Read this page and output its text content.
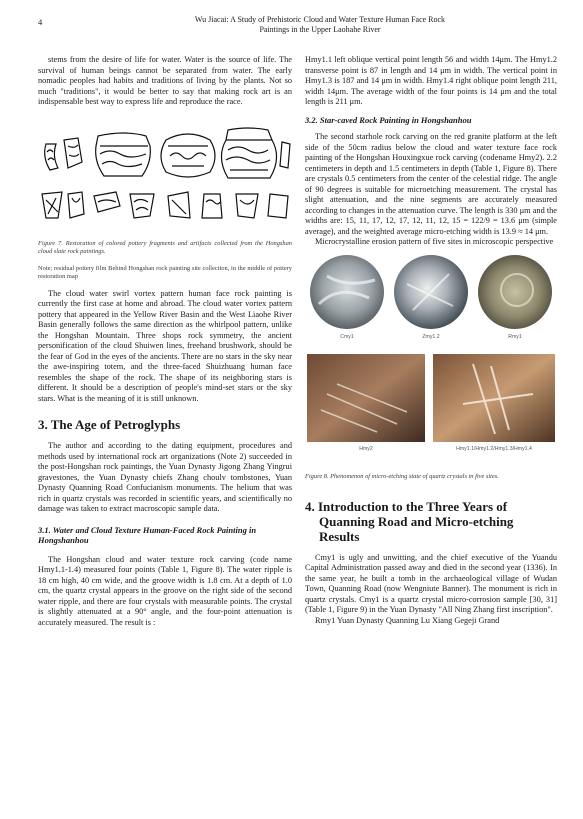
4	Wu Jiacai: A Study of Prehistoric Cloud and Water Texture Human Face Rock
Paintings in the Upper Laohahe River

stems from the desire of life for water. Water is the source of life. The survival of human beings cannot be separated from water. The early nomadic peoples had habits and traditions of living by the plants. Not so much "traditions", it would be better to say that making rock art is an indispensable best way to express life and reproduce the race.

Figure 7. Restoration of colored pottery fragments and artifacts collected from the Hongshan cloud slate rock paintings.

Note; residual pottery film Behind Hongshan rock painting site collection, in the middle of pottery restoration map

The cloud water swirl vortex pattern human face rock painting is currently the first case at home and abroad. The cloud water vortex pattern pottery that appeared in the Yellow River Basin and the West Liaohe River Basin generally follows the same direction as the whirlpool pattern, unlike the Hongshan Mountain. Three shops rock symmetry, the ancient personification of the cloud Shuiwen lines, freehand brushwork, should be the fear of God in the eyes of the ancients. There are no stars in the sky near the awe-inspiring totem, and the three-faced Shuizhuang human face resembles the shape of the rock. The shape of its neighboring stars is different. It should be a description of people's mind-set stars or the sky stars. What is the meaning of it is still unknown.

3. The Age of Petroglyphs

The author and according to the dating equipment, procedures and methods used by international rock art organizations (Note 2) succeeded in the post-Hongshan rock paintings, the Yuan Dynasty Jigong Zhang Yingrui gravestones, the Yuan Dynasty chiefs Zhang choulv tombstones, Yuan Dynasty Quanning Road Confucianism monuments. The helium that was rich in quartz crystals was recorded in scientific years, and scientifically no damage was taken to extract macroscopic sample data.

3.1. Water and Cloud Texture Human-Faced Rock Painting in Hongshanhou

The Hongshan cloud and water texture rock carving (code name Hmy1.1-1.4) measured four points (Table 1, Figure 8). The water ripple is 18 cm high, 40 cm wide, and the groove width is 1.8 cm. At a depth of 1.0 cm, the quartz crystal appears in the groove on the right side of the second water ripple, and there are four crystals with measurable points. The crystal is slightly attenuated at a 90° angle, and the four-point attenuation is accurately measured. The result is :

Hmy1.1 left oblique vertical point length 56 and width 14μm. The Hmy1.2 transverse point is 87 in length and 14 μm in width. The vertical point in Hmy1.3 is 187 and 14 μm in width. Hmy1.4 right oblique point length 211, width 14μm. The average width of the four points is 14 μm and the total length is 211 μm.

3.2. Star-caved Rock Painting in Hongshanhou

The second starhole rock carving on the red granite platform at the left side of the 50cm radius below the cloud and water texture face rock painting of the Hongshan Houxingxue rock carving (codename Hmy2). 2.2 centimeters in depth and 1.5 centimeters in depth (Table 1, Figure 8). There are crystals 0.5 centimeters from the center of the celestial ridge. The angle of 90 degrees is suitable for microetching measurement. The crystal has slight attenuation, and the nine segments are accurately measured according to changes in the attenuation curve. The length is 330 μm and the widths are: 15, 11, 17, 12, 17, 12, 11, 12, 15 = 122/9 = 13.6 μm (simple average), and the weighted average micro-etching width is 13.9 ≈ 14 μm.

Microcrystalline erosion pattern of five sites in microscopic perspective

Cmy1	Zmy1.2	Rmy1
Hmy2	Hmy1.1/Hmy1.2/Hmy1.3/Hmy1.4

Figure 8. Phenomenon of micro-etching state of quartz crystals in five sites.

4. Introduction to the Three Years of Quanning Road and Micro-etching Results

Cmy1 is ugly and unwitting, and the chief executive of the Yuandu Capital Administration passed away and died in the second year (1336). In the same year, he built a tomb in the archaeological village of Wudan Town, Quanning Road (now Wengniute Banner). The monument is rich in quartz crystals. Cmy1 is a quartz crystal micro-corrosion sample [30, 31] (Table 1, Figure 9) in the Yuan Dynasty "All Ning Zhang first inscription".

Rmy1 Yuan Dynasty Quanning Lu Xiang Gegeji Grand
